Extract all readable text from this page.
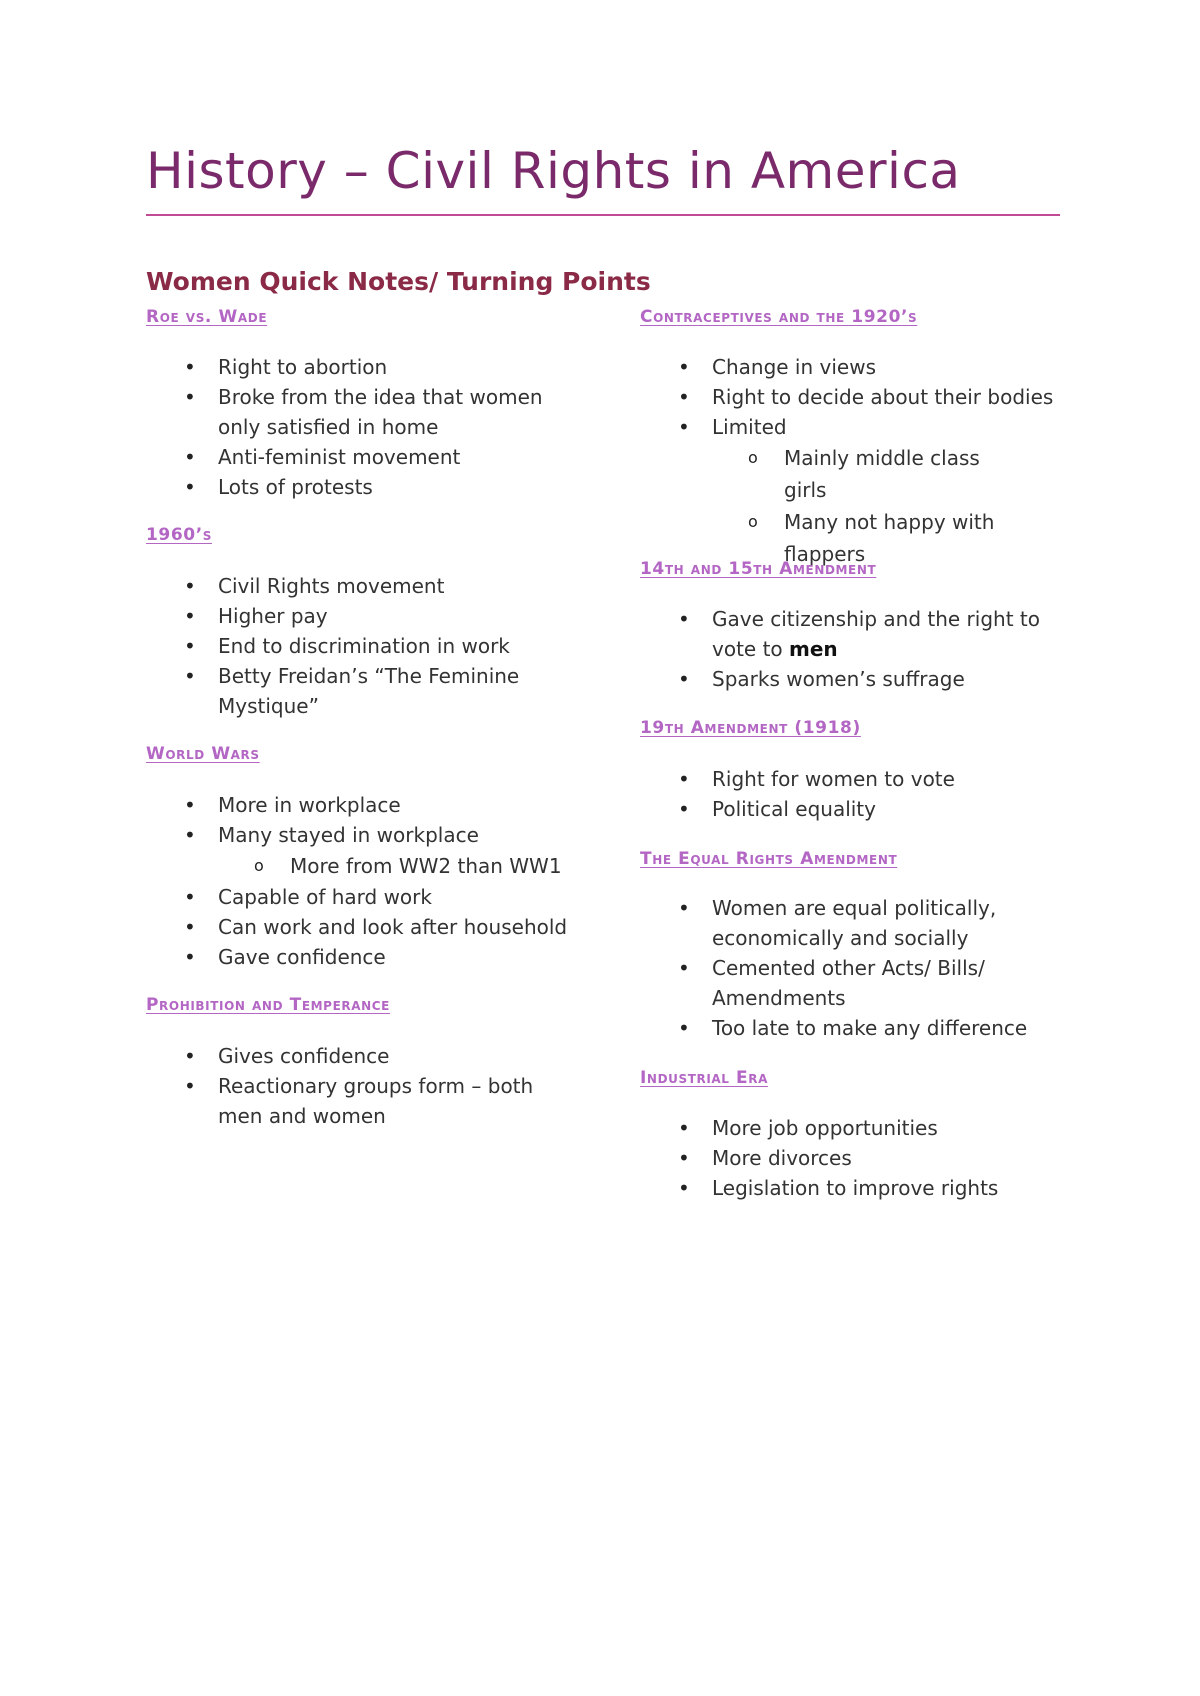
History – Civil Rights in America
Women Quick Notes/ Turning Points
Roe vs. Wade
• Right to abortion
• Broke from the idea that women only satisfied in home
• Anti-feminist movement
• Lots of protests
1960’s
• Civil Rights movement
• Higher pay
• End to discrimination in work
• Betty Freidan’s “The Feminine Mystique”
World Wars
• More in workplace
• Many stayed in workplace
o More from WW2 than WW1
• Capable of hard work
• Can work and look after household
• Gave confidence
Prohibition and Temperance
• Gives confidence
• Reactionary groups form – both men and women
Contraceptives and the 1920’s
• Change in views
• Right to decide about their bodies
• Limited
o Mainly middle class girls
o Many not happy with flappers
14th and 15th Amendment
• Gave citizenship and the right to vote to men
• Sparks women’s suffrage
19th Amendment (1918)
• Right for women to vote
• Political equality
The Equal Rights Amendment
• Women are equal politically, economically and socially
• Cemented other Acts/ Bills/ Amendments
• Too late to make any difference
Industrial Era
• More job opportunities
• More divorces
• Legislation to improve rights
